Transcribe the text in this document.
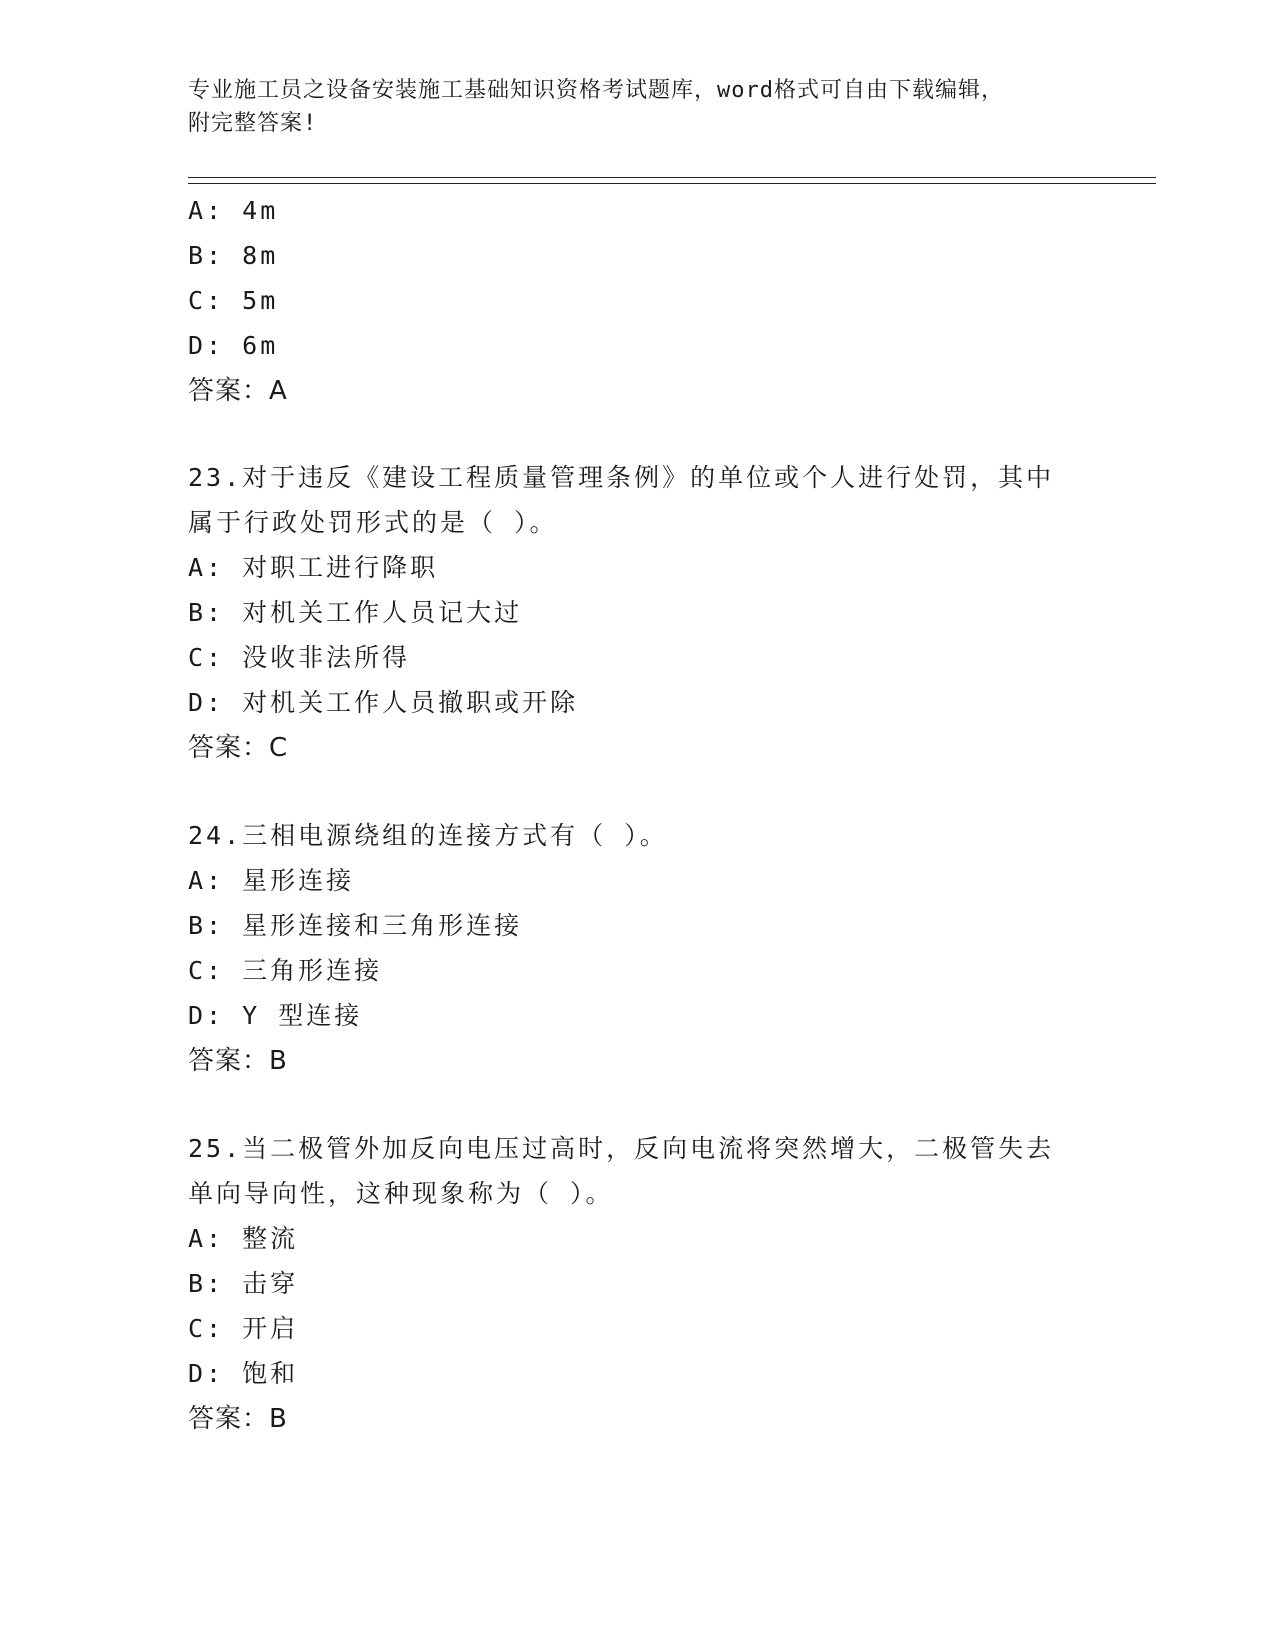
专业施工员之设备安装施工基础知识资格考试题库，word格式可自由下载编辑，
附完整答案!
A: 4m
B: 8m
C: 5m
D: 6m
答案：A
23.对于违反《建设工程质量管理条例》的单位或个人进行处罚，其中
属于行政处罚形式的是（ ）。
A: 对职工进行降职
B: 对机关工作人员记大过
C: 没收非法所得
D: 对机关工作人员撤职或开除
答案：C
24.三相电源绕组的连接方式有（ ）。
A: 星形连接
B: 星形连接和三角形连接
C: 三角形连接
D: Y 型连接
答案：B
25.当二极管外加反向电压过高时，反向电流将突然增大，二极管失去
单向导向性，这种现象称为（ ）。
A: 整流
B: 击穿
C: 开启
D: 饱和
答案：B
